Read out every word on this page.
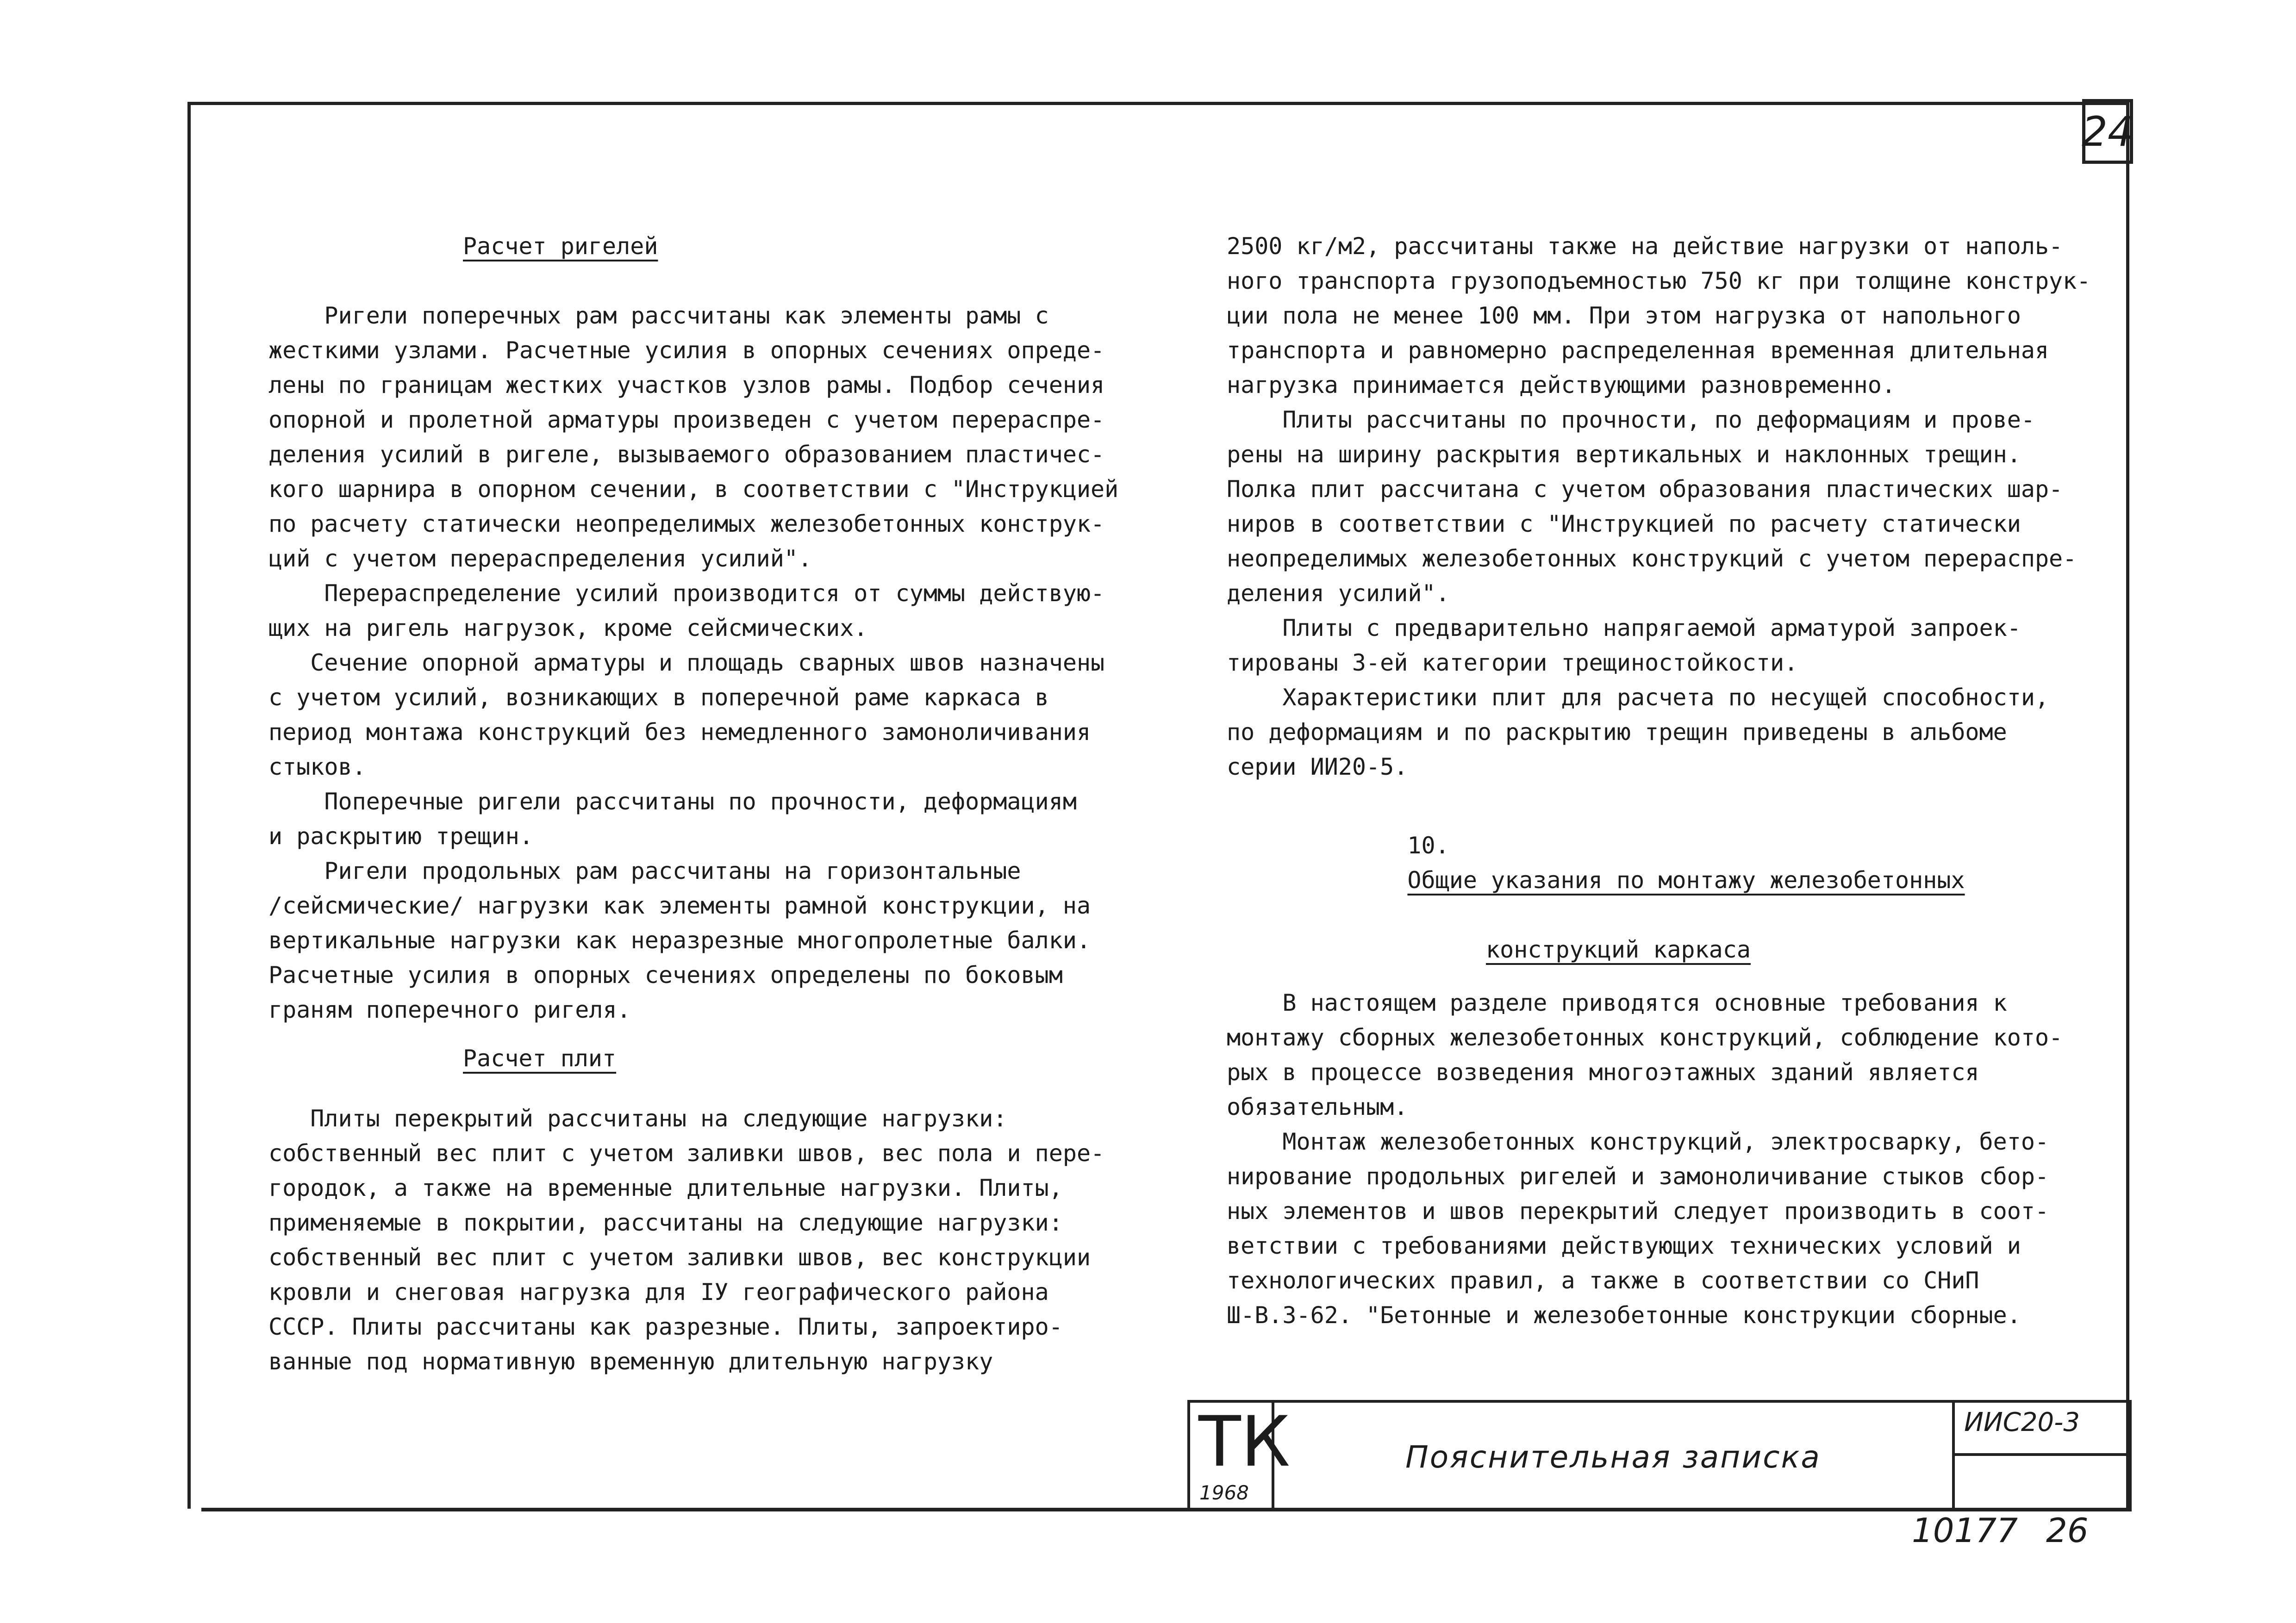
24
Расчет ригелей

Ригели поперечных рам рассчитаны как элементы рамы с

жесткими узлами. Расчетные усилия в опорных сечениях опреде-

лены по границам жестких участков узлов рамы. Подбор сечения

опорной и пролетной арматуры произведен с учетом перераспре-

деления усилий в ригеле, вызываемого образованием пластичес-

кого шарнира в опорном сечении, в соответствии с "Инструкцией

по расчету статически неопределимых железобетонных конструк-

ций с учетом перераспределения усилий".

Перераспределение усилий производится от суммы действую-

щих на ригель нагрузок, кроме сейсмических.

Сечение опорной арматуры и площадь сварных швов назначены

с учетом усилий, возникающих в поперечной раме каркаса в

период монтажа конструкций без немедленного замоноличивания

стыков.

Поперечные ригели рассчитаны по прочности, деформациям

и раскрытию трещин.

Ригели продольных рам рассчитаны на горизонтальные

/сейсмические/ нагрузки как элементы рамной конструкции, на

вертикальные нагрузки как неразрезные многопролетные балки.

Расчетные усилия в опорных сечениях определены по боковым

граням поперечного ригеля.

Расчет плит

Плиты перекрытий рассчитаны на следующие нагрузки:

собственный вес плит с учетом заливки швов, вес пола и пере-

городок, а также на временные длительные нагрузки. Плиты,

применяемые в покрытии, рассчитаны на следующие нагрузки:

собственный вес плит с учетом заливки швов, вес конструкции

кровли и снеговая нагрузка для IУ географического района

СССР. Плиты рассчитаны как разрезные. Плиты, запроектиро-

ванные под нормативную временную длительную нагрузку

2500 кг/м2, рассчитаны также на действие нагрузки от наполь-

ного транспорта грузоподъемностью 750 кг при толщине конструк-

ции пола не менее 100 мм. При этом нагрузка от напольного

транспорта и равномерно распределенная временная длительная

нагрузка принимается действующими разновременно.

Плиты рассчитаны по прочности, по деформациям и прове-

рены на ширину раскрытия вертикальных и наклонных трещин.

Полка плит рассчитана с учетом образования пластических шар-

ниров в соответствии с "Инструкцией по расчету статически

неопределимых железобетонных конструкций с учетом перераспре-

деления усилий".

Плиты с предварительно напрягаемой арматурой запроек-

тированы 3-ей категории трещиностойкости.

Характеристики плит для расчета по несущей способности,

по деформациям и по раскрытию трещин приведены в альбоме

серии ИИ20-5.

10.
Общие указания по монтажу железобетонных

конструкций каркаса

В настоящем разделе приводятся основные требования к

монтажу сборных железобетонных конструкций, соблюдение кото-

рых в процессе возведения многоэтажных зданий является

обязательным.

Монтаж железобетонных конструкций, электросварку, бето-

нирование продольных ригелей и замоноличивание стыков сбор-

ных элементов и швов перекрытий следует производить в соот-

ветствии с требованиями действующих технических условий и

технологических правил, а также в соответствии со СНиП

Ш-В.3-62. "Бетонные и железобетонные конструкции сборные.

ТК
1968
Пояснительная записка
ИИС20-3
10177 26
